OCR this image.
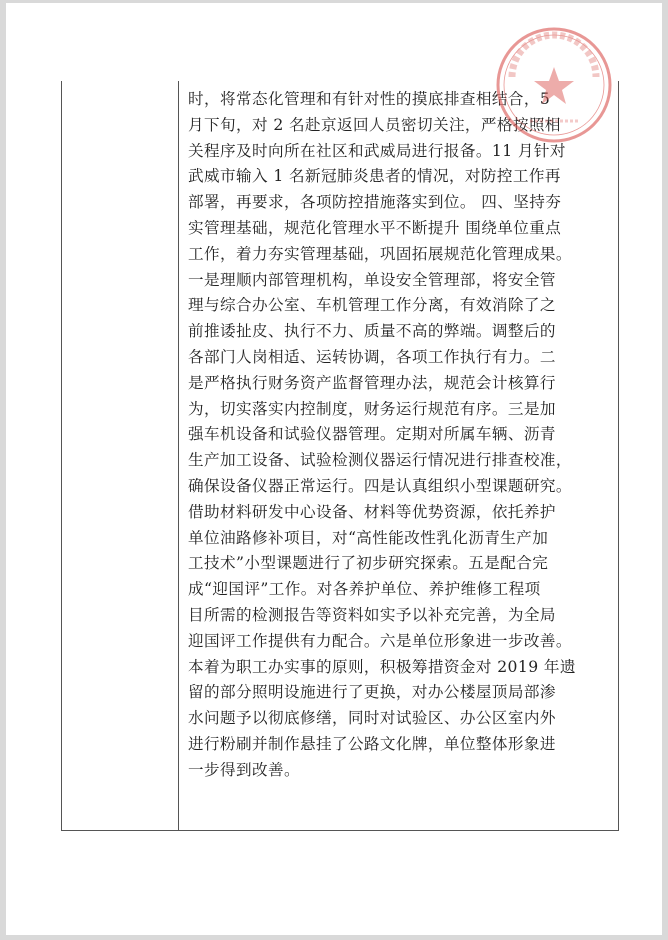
时，将常态化管理和有针对性的摸底排查相结合，5
月下旬，对 2 名赴京返回人员密切关注，严格按照相
关程序及时向所在社区和武威局进行报备。11 月针对
武威市输入 1 名新冠肺炎患者的情况，对防控工作再
部署，再要求，各项防控措施落实到位。 四、坚持夯
实管理基础，规范化管理水平不断提升 围绕单位重点
工作，着力夯实管理基础，巩固拓展规范化管理成果。
一是理顺内部管理机构，单设安全管理部，将安全管
理与综合办公室、车机管理工作分离，有效消除了之
前推诿扯皮、执行不力、质量不高的弊端。调整后的
各部门人岗相适、运转协调，各项工作执行有力。二
是严格执行财务资产监督管理办法，规范会计核算行
为，切实落实内控制度，财务运行规范有序。三是加
强车机设备和试验仪器管理。定期对所属车辆、沥青
生产加工设备、试验检测仪器运行情况进行排查校准，
确保设备仪器正常运行。四是认真组织小型课题研究。
借助材料研发中心设备、材料等优势资源，依托养护
单位油路修补项目，对“高性能改性乳化沥青生产加
工技术”小型课题进行了初步研究探索。五是配合完
成“迎国评”工作。对各养护单位、养护维修工程项
目所需的检测报告等资料如实予以补充完善，为全局
迎国评工作提供有力配合。六是单位形象进一步改善。
本着为职工办实事的原则，积极筹措资金对 2019 年遗
留的部分照明设施进行了更换，对办公楼屋顶局部渗
水问题予以彻底修缮，同时对试验区、办公区室内外
进行粉刷并制作悬挂了公路文化牌，单位整体形象进
一步得到改善。
